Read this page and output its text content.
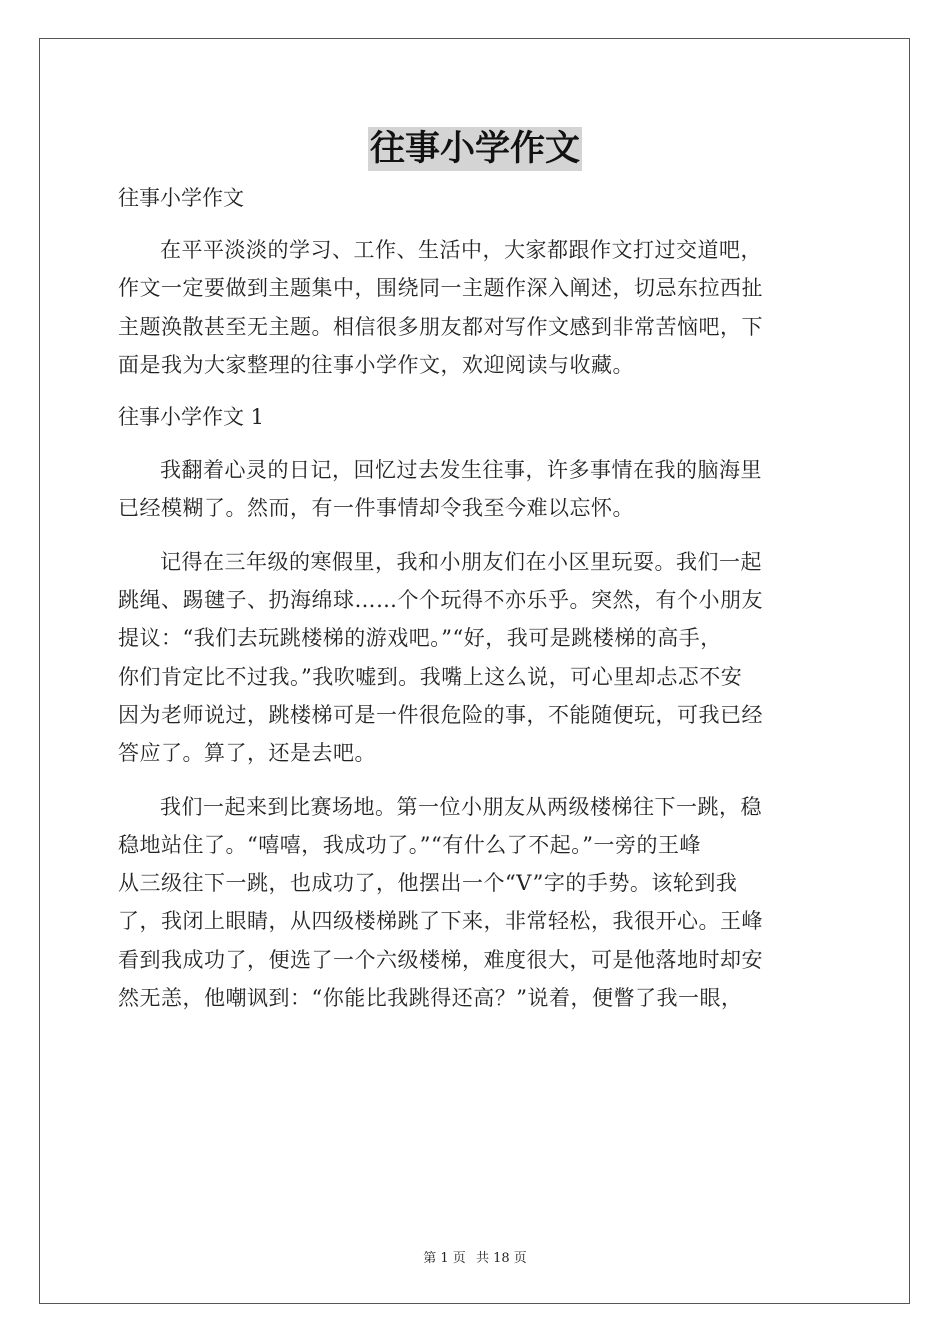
往事小学作文

往事小学作文

在平平淡淡的学习、工作、生活中，大家都跟作文打过交道吧，
作文一定要做到主题集中，围绕同一主题作深入阐述，切忌东拉西扯
主题涣散甚至无主题。相信很多朋友都对写作文感到非常苦恼吧，下
面是我为大家整理的往事小学作文，欢迎阅读与收藏。

往事小学作文 1

我翻着心灵的日记，回忆过去发生往事，许多事情在我的脑海里
已经模糊了。然而，有一件事情却令我至今难以忘怀。

记得在三年级的寒假里，我和小朋友们在小区里玩耍。我们一起
跳绳、踢毽子、扔海绵球……个个玩得不亦乐乎。突然，有个小朋友
提议：“我们去玩跳楼梯的游戏吧。”“好，我可是跳楼梯的高手，
你们肯定比不过我。”我吹嘘到。我嘴上这么说，可心里却忐忑不安
因为老师说过，跳楼梯可是一件很危险的事，不能随便玩，可我已经
答应了。算了，还是去吧。

我们一起来到比赛场地。第一位小朋友从两级楼梯往下一跳，稳
稳地站住了。“嘻嘻，我成功了。”“有什么了不起。”一旁的王峰
从三级往下一跳，也成功了，他摆出一个“V”字的手势。该轮到我
了，我闭上眼睛，从四级楼梯跳了下来，非常轻松，我很开心。王峰
看到我成功了，便选了一个六级楼梯，难度很大，可是他落地时却安
然无恙，他嘲讽到：“你能比我跳得还高？”说着，便瞥了我一眼，

第 1 页 共 18 页
